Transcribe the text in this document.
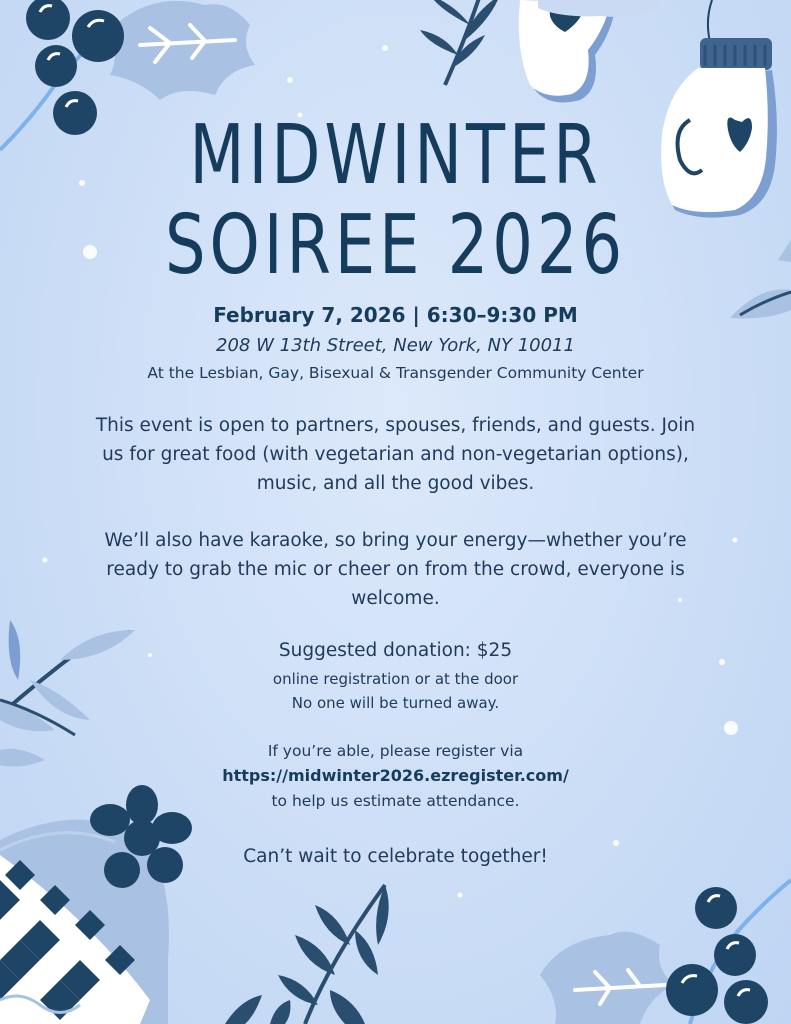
MIDWINTER
SOIREE 2026
February 7, 2026 | 6:30–9:30 PM
208 W 13th Street, New York, NY 10011
At the Lesbian, Gay, Bisexual & Transgender Community Center
This event is open to partners, spouses, friends, and guests. Join us for great food (with vegetarian and non-vegetarian options), music, and all the good vibes.
We’ll also have karaoke, so bring your energy—whether you’re ready to grab the mic or cheer on from the crowd, everyone is welcome.
Suggested donation: $25
online registration or at the door
No one will be turned away.
If you’re able, please register via
https://midwinter2026.ezregister.com/
to help us estimate attendance.
Can’t wait to celebrate together!
